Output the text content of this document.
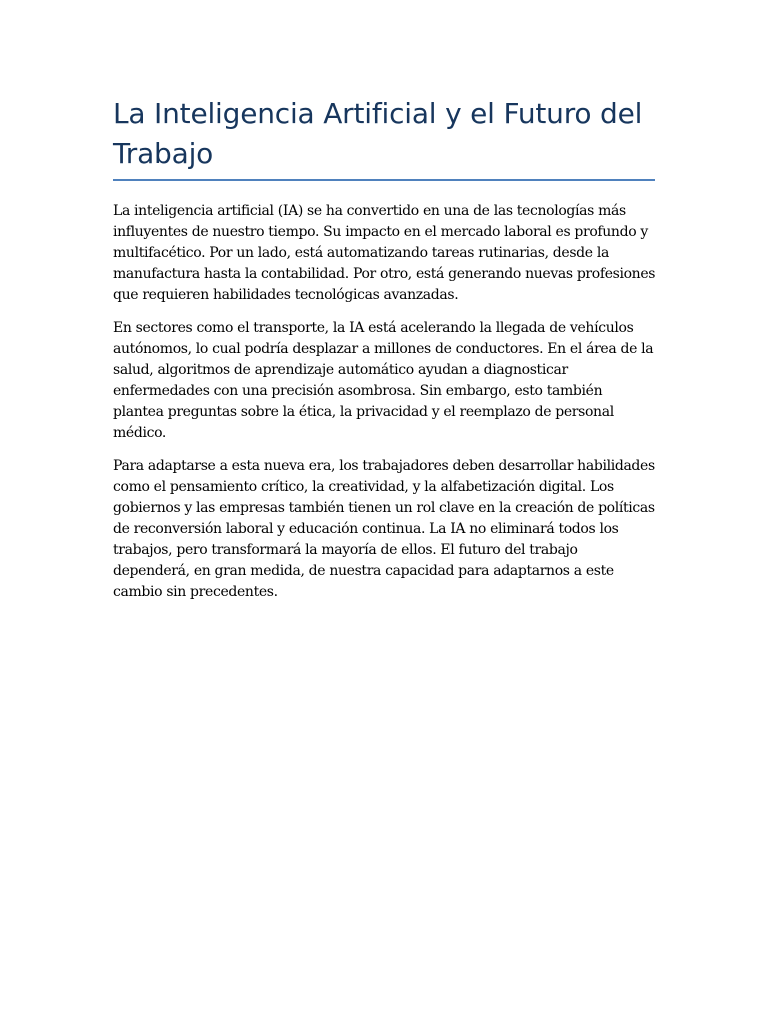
La Inteligencia Artificial y el Futuro del Trabajo

La inteligencia artificial (IA) se ha convertido en una de las tecnologías más influyentes de nuestro tiempo. Su impacto en el mercado laboral es profundo y multifacético. Por un lado, está automatizando tareas rutinarias, desde la manufactura hasta la contabilidad. Por otro, está generando nuevas profesiones que requieren habilidades tecnológicas avanzadas.

En sectores como el transporte, la IA está acelerando la llegada de vehículos autónomos, lo cual podría desplazar a millones de conductores. En el área de la salud, algoritmos de aprendizaje automático ayudan a diagnosticar enfermedades con una precisión asombrosa. Sin embargo, esto también plantea preguntas sobre la ética, la privacidad y el reemplazo de personal médico.

Para adaptarse a esta nueva era, los trabajadores deben desarrollar habilidades como el pensamiento crítico, la creatividad, y la alfabetización digital. Los gobiernos y las empresas también tienen un rol clave en la creación de políticas de reconversión laboral y educación continua. La IA no eliminará todos los trabajos, pero transformará la mayoría de ellos. El futuro del trabajo dependerá, en gran medida, de nuestra capacidad para adaptarnos a este cambio sin precedentes.
